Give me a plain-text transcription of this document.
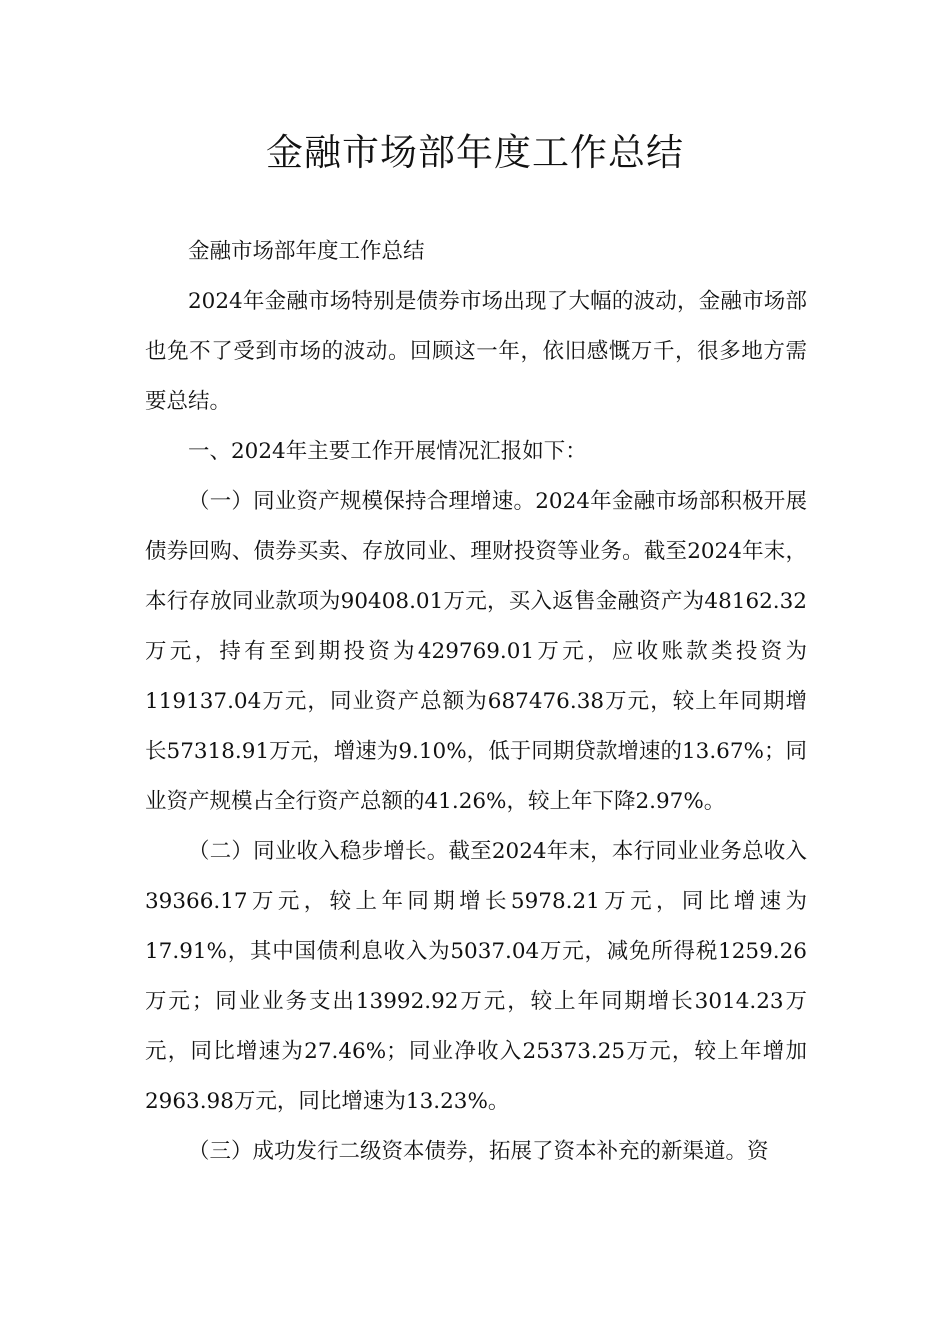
金融市场部年度工作总结

金融市场部年度工作总结

2024年金融市场特别是债券市场出现了大幅的波动，金融市场部也免不了受到市场的波动。回顾这一年，依旧感慨万千，很多地方需要总结。

一、2024年主要工作开展情况汇报如下：

（一）同业资产规模保持合理增速。2024年金融市场部积极开展债券回购、债券买卖、存放同业、理财投资等业务。截至2024年末，本行存放同业款项为90408.01万元，买入返售金融资产为48162.32万元，持有至到期投资为429769.01万元，应收账款类投资为119137.04万元，同业资产总额为687476.38万元，较上年同期增长57318.91万元，增速为9.10%，低于同期贷款增速的13.67%；同业资产规模占全行资产总额的41.26%，较上年下降2.97%。

（二）同业收入稳步增长。截至2024年末，本行同业业务总收入39366.17万元，较上年同期增长5978.21万元，同比增速为17.91%，其中国债利息收入为5037.04万元，减免所得税1259.26万元；同业业务支出13992.92万元，较上年同期增长3014.23万元，同比增速为27.46%；同业净收入25373.25万元，较上年增加2963.98万元，同比增速为13.23%。

（三）成功发行二级资本债券，拓展了资本补充的新渠道。资
